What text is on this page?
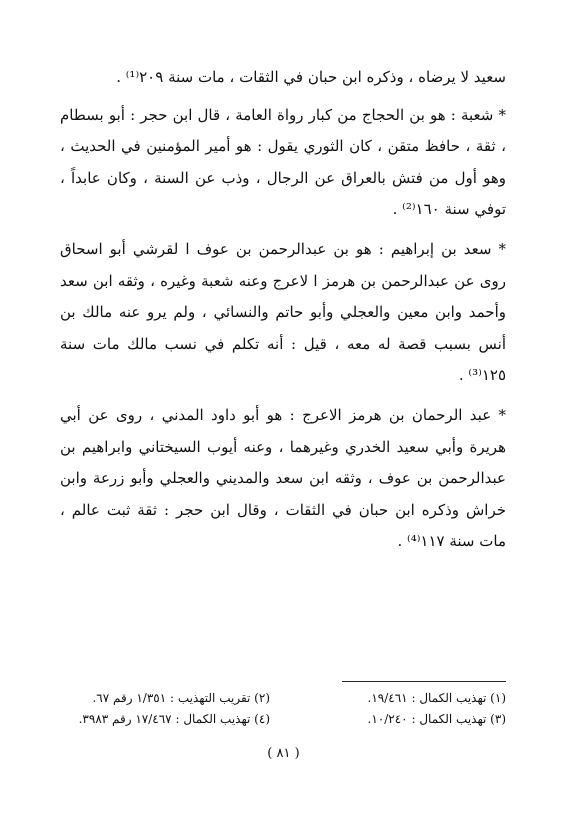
سعيد لا يرضاه ، وذكره ابن حبان في الثقات ، مات سنة ٢٠٩⁽¹⁾ .

* شعبة : هو بن الحجاج من كبار رواة العامة ، قال ابن حجر : أبو بسطام ، ثقة ، حافظ متقن ، كان الثوري يقول : هو أمير المؤمنين في الحديث ، وهو أول من فتش بالعراق عن الرجال ، وذب عن السنة ، وكان عابداً ، توفي سنة ١٦٠⁽²⁾ .

* سعد بن إبراهيم : هو بن عبدالرحمن بن عوف ا لقرشي أبو اسحاق روى عن عبدالرحمن بن هرمز ا لاعرج وعنه شعبة وغيره ، وثقه ابن سعد وأحمد وابن معين والعجلي وأبو حاتم والنسائي ، ولم يرو عنه مالك بن أنس بسبب قصة له معه ، قيل : أنه تكلم في نسب مالك مات سنة ١٢٥⁽³⁾ .

* عبد الرحمان بن هرمز الاعرج : هو أبو داود المدني ، روى عن أبي هريرة وأبي سعيد الخدري وغيرهما ، وعنه أيوب السيختاني وابراهيم بن عبدالرحمن بن عوف ، وثقه ابن سعد والمديني والعجلي وأبو زرعة وابن خراش وذكره ابن حبان في الثقات ، وقال ابن حجر : ثقة ثبت عالم ، مات سنة ١١٧⁽⁴⁾ .

(١) تهذيب الكمال : ١٩/٤٦١.
(٢) تقريب التهذيب : ١/٣٥١ رقم ٦٧.
(٣) تهذيب الكمال : ١٠/٢٤٠.
(٤) تهذيب الكمال : ١٧/٤٦٧ رقم ٣٩٨٣.
( ٨١ )
